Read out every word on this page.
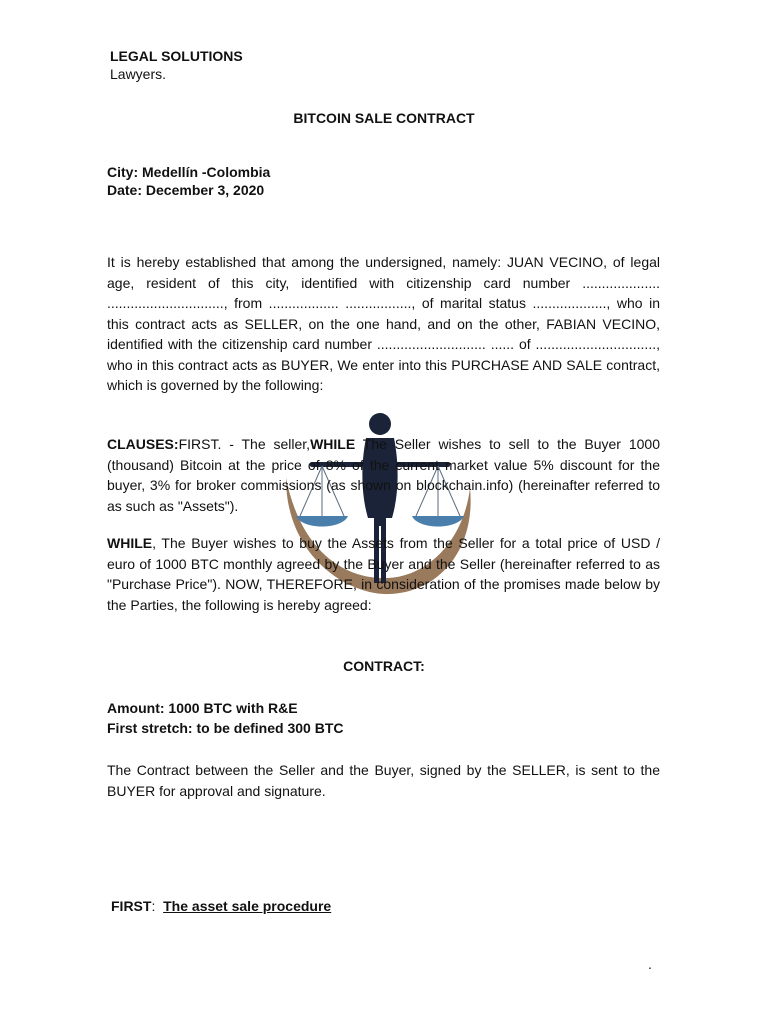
LEGAL SOLUTIONS
Lawyers.
BITCOIN SALE CONTRACT
City: Medellín -Colombia
Date: December 3, 2020
It is hereby established that among the undersigned, namely: JUAN VECINO, of legal age, resident of this city, identified with citizenship card number .................... .............................., from .................. ................., of marital status ..................., who in this contract acts as SELLER, on the one hand, and on the other, FABIAN VECINO, identified with the citizenship card number ............................ ...... of ..............................., who in this contract acts as BUYER, We enter into this PURCHASE AND SALE contract, which is governed by the following:
CLAUSES:FIRST. - The seller,WHILE The Seller wishes to sell to the Buyer 1000 (thousand) Bitcoin at the price of 8% of the current market value 5% discount for the buyer, 3% for broker commissions (as shown on blockchain.info) (hereinafter referred to as such as "Assets").
WHILE, The Buyer wishes to buy the Assets from the Seller for a total price of USD / euro of 1000 BTC monthly agreed by the Buyer and the Seller (hereinafter referred to as "Purchase Price"). NOW, THEREFORE, in consideration of the promises made below by the Parties, the following is hereby agreed:
CONTRACT:
Amount: 1000 BTC with R&E
First stretch: to be defined 300 BTC
The Contract between the Seller and the Buyer, signed by the SELLER, is sent to the BUYER for approval and signature.
FIRST: The asset sale procedure
.
